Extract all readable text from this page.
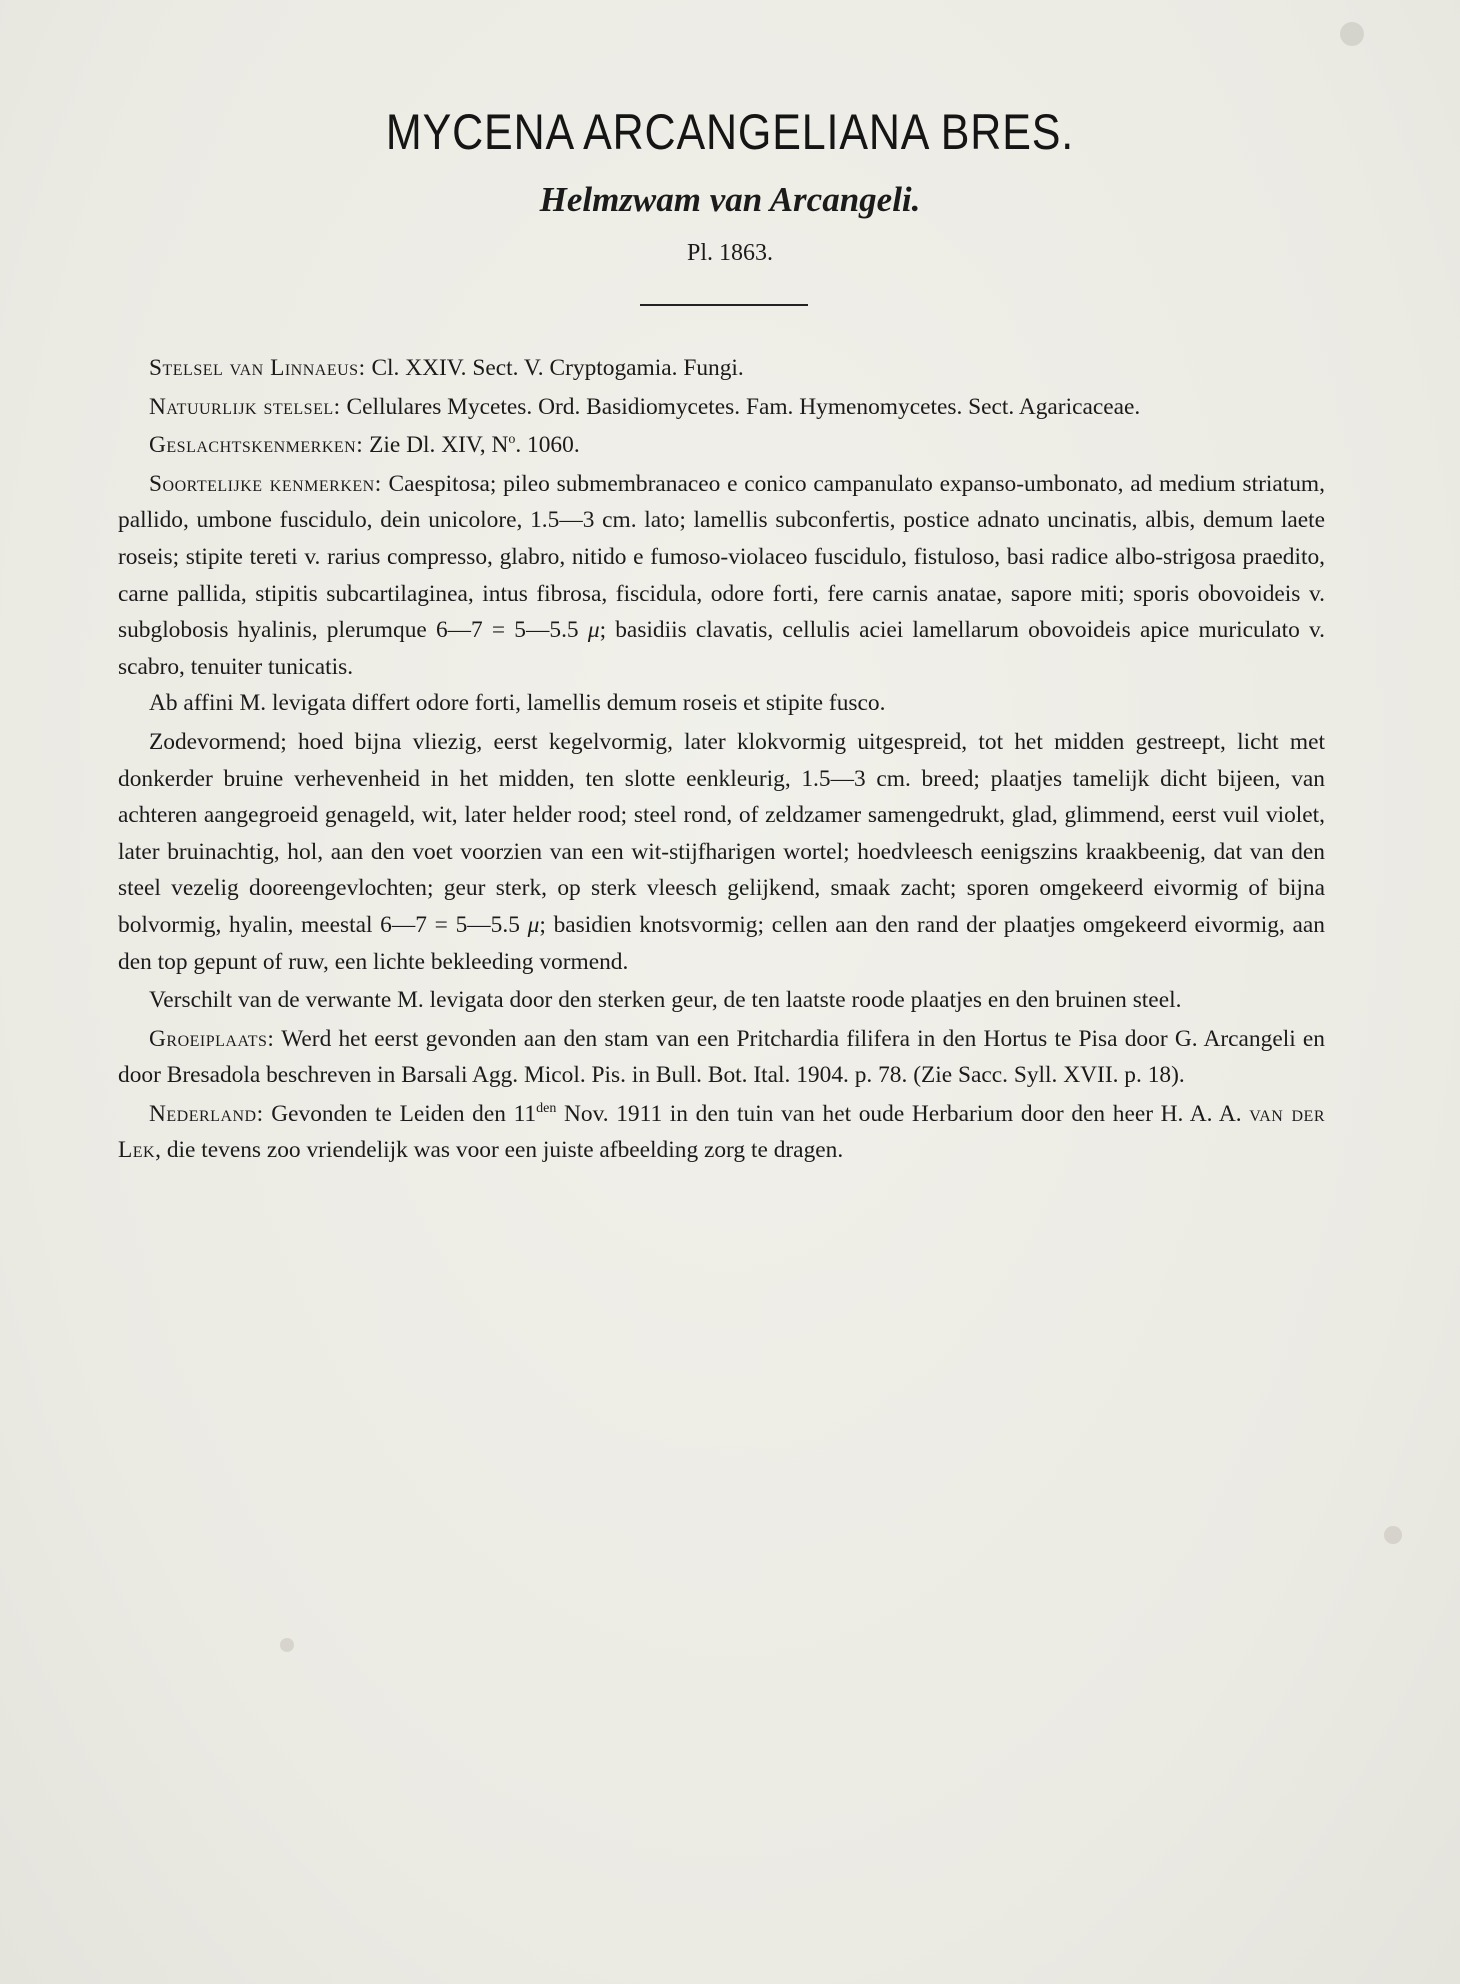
MYCENA ARCANGELIANA BRES.
Helmzwam van Arcangeli.
Pl. 1863.

Stelsel van Linnaeus: Cl. XXIV. Sect. V. Cryptogamia. Fungi.

Natuurlijk stelsel: Cellulares Mycetes. Ord. Basidiomycetes. Fam. Hymenomycetes. Sect. Agaricaceae.

Geslachtskenmerken: Zie Dl. XIV, $N^o$. 1060.

Soortelijke kenmerken: Caespitosa; pileo submembranaceo e conico campanulato expanso-umbonato, ad medium striatum, pallido, umbone fuscidulo, dein unicolore, 1.5—3 cm. lato; lamellis subconfertis, postice adnato uncinatis, albis, demum laete roseis; stipite tereti v. rarius compresso, glabro, nitido e fumoso-violaceo fuscidulo, fistuloso, basi radice albo-strigosa praedito, carne pallida, stipitis subcartilaginea, intus fibrosa, fiscidula, odore forti, fere carnis anatae, sapore miti; sporis obovoideis v. subglobosis hyalinis, plerumque 6—7 = 5—5.5 μ; basidiis clavatis, cellulis aciei lamellarum obovoideis apice muriculato v. scabro, tenuiter tunicatis.

Ab affini M. levigata differt odore forti, lamellis demum roseis et stipite fusco.

Zodevormend; hoed bijna vliezig, eerst kegelvormig, later klokvormig uitgespreid, tot het midden gestreept, licht met donkerder bruine verhevenheid in het midden, ten slotte eenkleurig, 1.5—3 cm. breed; plaatjes tamelijk dicht bijeen, van achteren aangegroeid genageld, wit, later helder rood; steel rond, of zeldzamer samengedrukt, glad, glimmend, eerst vuil violet, later bruinachtig, hol, aan den voet voorzien van een wit-stijfharigen wortel; hoedvleesch eenigszins kraakbeenig, dat van den steel vezelig dooreengevlochten; geur sterk, op sterk vleesch gelijkend, smaak zacht; sporen omgekeerd eivormig of bijna bolvormig, hyalin, meestal 6—7 = 5—5.5 μ; basidien knotsvormig; cellen aan den rand der plaatjes omgekeerd eivormig, aan den top gepunt of ruw, een lichte bekleeding vormend.

Verschilt van de verwante M. levigata door den sterken geur, de ten laatste roode plaatjes en den bruinen steel.

Groeiplaats: Werd het eerst gevonden aan den stam van een Pritchardia filifera in den Hortus te Pisa door G. Arcangeli en door Bresadola beschreven in Barsali Agg. Micol. Pis. in Bull. Bot. Ital. 1904. p. 78. (Zie Sacc. Syll. XVII. p. 18).

Nederland: Gevonden te Leiden den $11^{den}$ Nov. 1911 in den tuin van het oude Herbarium door den heer H. A. A. van der Lek, die tevens zoo vriendelijk was voor een juiste afbeelding zorg te dragen.
